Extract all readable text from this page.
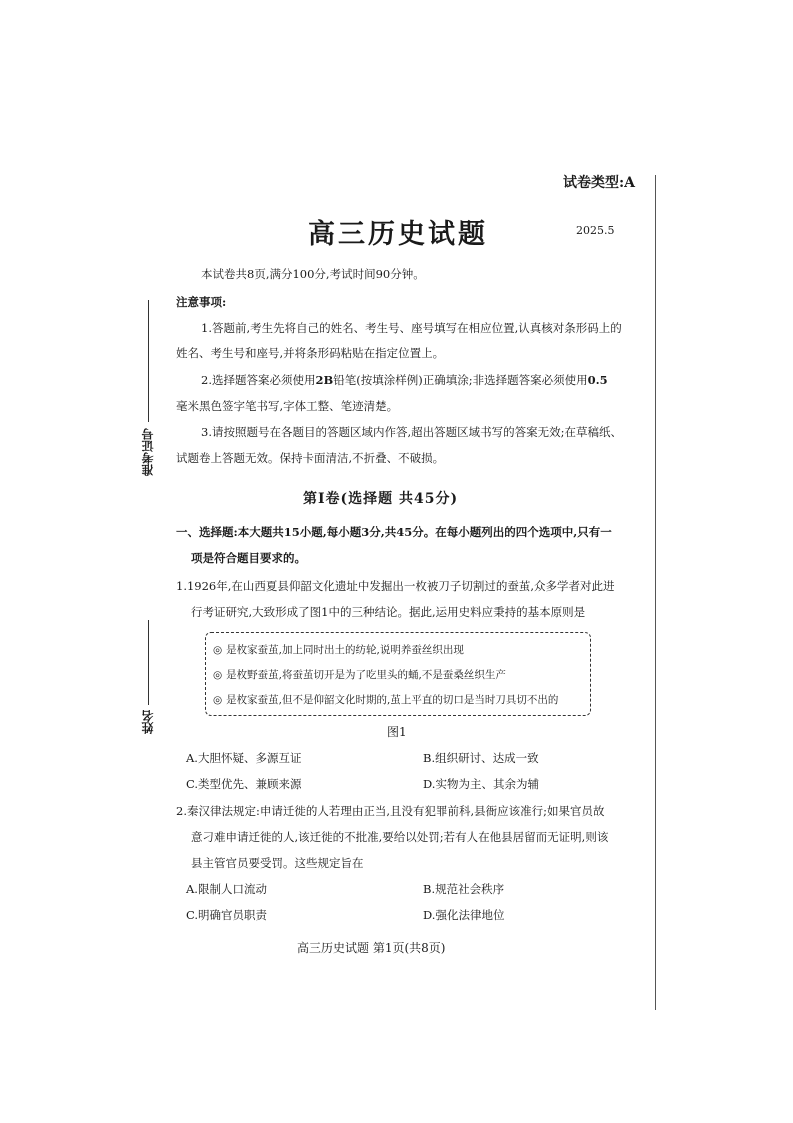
准考证号
姓名
试卷类型:A
高三历史试题	2025.5
本试卷共8页,满分100分,考试时间90分钟。
注意事项:
1.答题前,考生先将自己的姓名、考生号、座号填写在相应位置,认真核对条形码上的
姓名、考生号和座号,并将条形码粘贴在指定位置上。
2.选择题答案必须使用2B铅笔(按填涂样例)正确填涂;非选择题答案必须使用0.5
毫米黑色签字笔书写,字体工整、笔迹清楚。
3.请按照题号在各题目的答题区域内作答,超出答题区域书写的答案无效;在草稿纸、
试题卷上答题无效。保持卡面清洁,不折叠、不破损。
第Ⅰ卷(选择题 共45分)
一、选择题:本大题共15小题,每小题3分,共45分。在每小题列出的四个选项中,只有一
项是符合题目要求的。
1.1926年,在山西夏县仰韶文化遗址中发掘出一枚被刀子切割过的蚕茧,众多学者对此进
行考证研究,大致形成了图1中的三种结论。据此,运用史料应秉持的基本原则是
◎ 是枚家蚕茧,加上同时出土的纺轮,说明养蚕丝织出现
◎ 是枚野蚕茧,将蚕茧切开是为了吃里头的蛹,不是蚕桑丝织生产
◎ 是枚家蚕茧,但不是仰韶文化时期的,茧上平直的切口是当时刀具切不出的
图1
A.大胆怀疑、多源互证	B.组织研讨、达成一致
C.类型优先、兼顾来源	D.实物为主、其余为辅
2.秦汉律法规定:申请迁徙的人若理由正当,且没有犯罪前科,县衙应该准行;如果官员故
意刁难申请迁徙的人,该迁徙的不批准,要给以处罚;若有人在他县居留而无证明,则该
县主管官员要受罚。这些规定旨在
A.限制人口流动	B.规范社会秩序
C.明确官员职责	D.强化法律地位
高三历史试题 第1页(共8页)
